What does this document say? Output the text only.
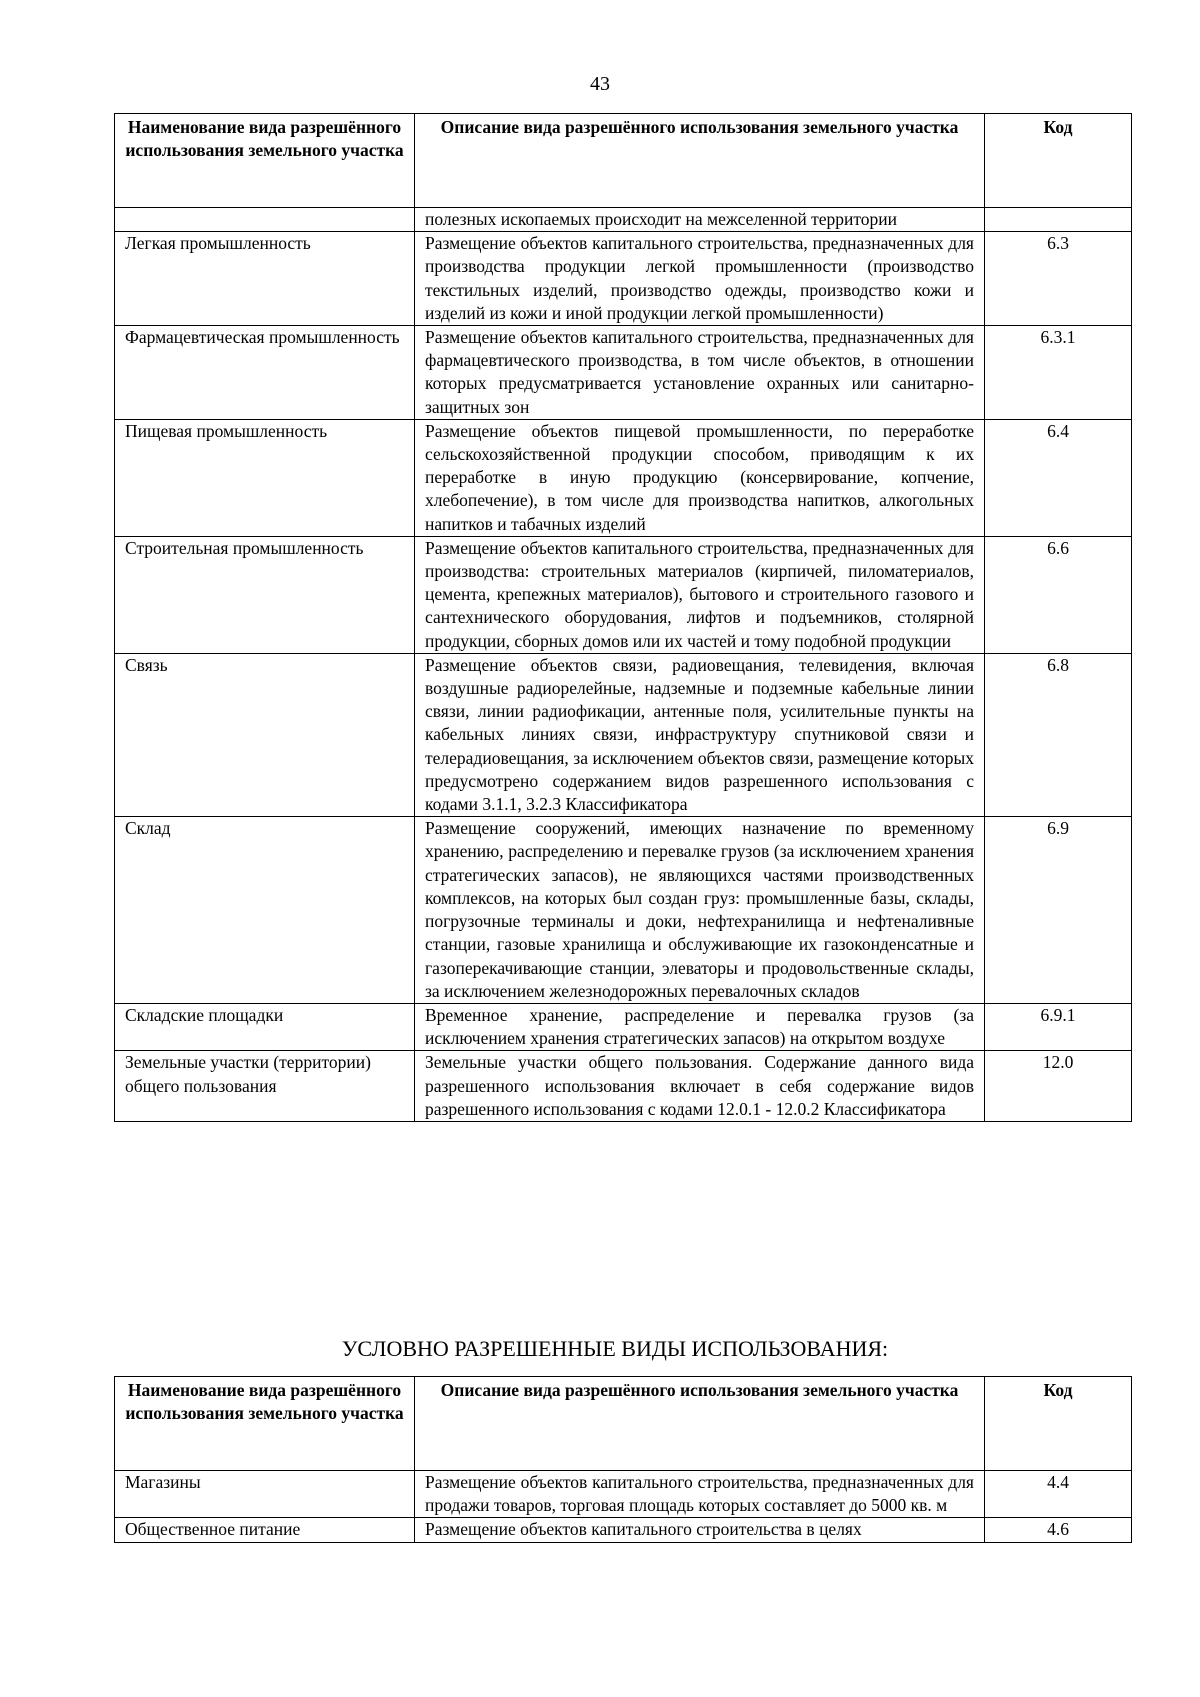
43
Наименование вида разрешённого использования земельного участка	Описание вида разрешённого использования земельного участка	Код
	полезных ископаемых происходит на межселенной территории	
Легкая промышленность	Размещение объектов капитального строительства, предназначенных для производства продукции легкой промышленности (производство текстильных изделий, производство одежды, производство кожи и изделий из кожи и иной продукции легкой промышленности)	6.3
Фармацевтическая промышленность	Размещение объектов капитального строительства, предназначенных для фармацевтического производства, в том числе объектов, в отношении которых предусматривается установление охранных или санитарно-защитных зон	6.3.1
Пищевая промышленность	Размещение объектов пищевой промышленности, по переработке сельскохозяйственной продукции способом, приводящим к их переработке в иную продукцию (консервирование, копчение, хлебопечение), в том числе для производства напитков, алкогольных напитков и табачных изделий	6.4
Строительная промышленность	Размещение объектов капитального строительства, предназначенных для производства: строительных материалов (кирпичей, пиломатериалов, цемента, крепежных материалов), бытового и строительного газового и сантехнического оборудования, лифтов и подъемников, столярной продукции, сборных домов или их частей и тому подобной продукции	6.6
Связь	Размещение объектов связи, радиовещания, телевидения, включая воздушные радиорелейные, надземные и подземные кабельные линии связи, линии радиофикации, антенные поля, усилительные пункты на кабельных линиях связи, инфраструктуру спутниковой связи и телерадиовещания, за исключением объектов связи, размещение которых предусмотрено содержанием видов разрешенного использования с кодами 3.1.1, 3.2.3 Классификатора	6.8
Склад	Размещение сооружений, имеющих назначение по временному хранению, распределению и перевалке грузов (за исключением хранения стратегических запасов), не являющихся частями производственных комплексов, на которых был создан груз: промышленные базы, склады, погрузочные терминалы и доки, нефтехранилища и нефтеналивные станции, газовые хранилища и обслуживающие их газоконденсатные и газоперекачивающие станции, элеваторы и продовольственные склады, за исключением железнодорожных перевалочных складов	6.9
Складские площадки	Временное хранение, распределение и перевалка грузов (за исключением хранения стратегических запасов) на открытом воздухе	6.9.1
Земельные участки (территории) общего пользования	Земельные участки общего пользования. Содержание данного вида разрешенного использования включает в себя содержание видов разрешенного использования с кодами 12.0.1 - 12.0.2 Классификатора	12.0
УСЛОВНО РАЗРЕШЕННЫЕ ВИДЫ ИСПОЛЬЗОВАНИЯ:
Наименование вида разрешённого использования земельного участка	Описание вида разрешённого использования земельного участка	Код
Магазины	Размещение объектов капитального строительства, предназначенных для продажи товаров, торговая площадь которых составляет до 5000 кв. м	4.4
Общественное питание	Размещение объектов капитального строительства в целях	4.6
